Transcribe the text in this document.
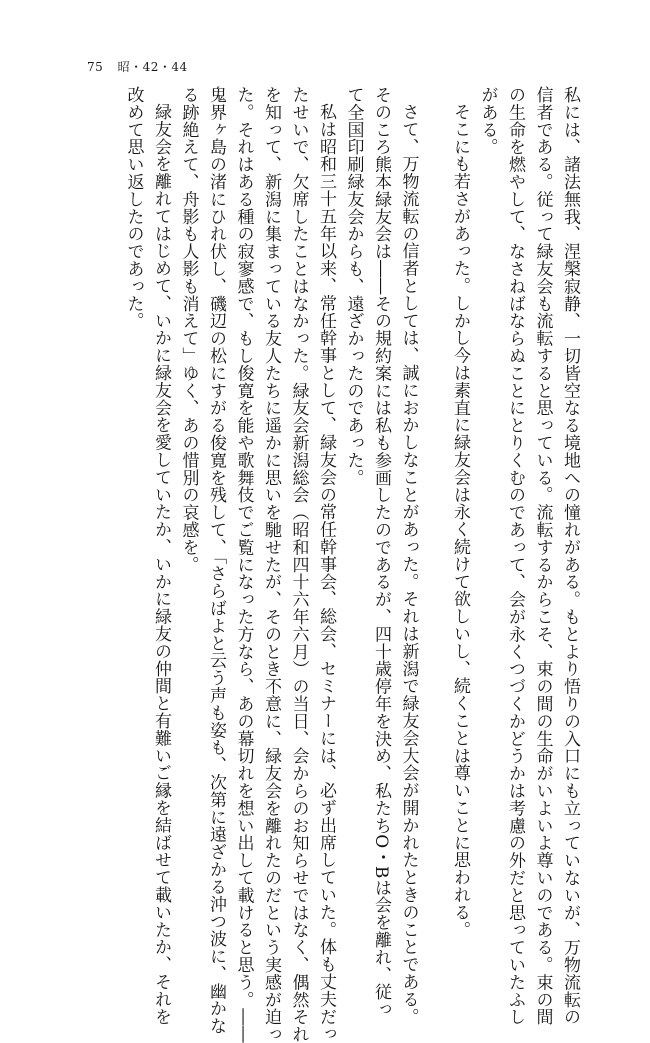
75 昭・42・44
私には、諸法無我、涅槃寂静、一切皆空なる境地への憧れがある。もとより悟りの入口にも立っていないが、万物流転の
信者である。従って緑友会も流転すると思っている。流転するからこそ、束の間の生命がいよいよ尊いのである。束の間
の生命を燃やして、なさねばならぬことにとりくむのであって、会が永くつづくかどうかは考慮の外だと思っていたふし
がある。
そこにも若さがあった。しかし今は素直に緑友会は永く続けて欲しいし、続くことは尊いことに思われる。
さて、万物流転の信者としては、誠におかしなことがあった。それは新潟で緑友会大会が開かれたときのことである。
そのころ熊本緑友会は――その規約案には私も参画したのであるが、四十歳停年を決め、私たちO・Bは会を離れ、従っ
て全国印刷緑友会からも、遠ざかったのであった。
私は昭和三十五年以来、常任幹事として、緑友会の常任幹事会、総会、セミナーには、必ず出席していた。体も丈夫だっ
たせいで、欠席したことはなかった。緑友会新潟総会（昭和四十六年六月）の当日、会からのお知らせではなく、偶然それ
を知って、新潟に集まっている友人たちに遥かに思いを馳せたが、そのとき不意に、緑友会を離れたのだという実感が迫っ
た。それはある種の寂寥感で、もし俊寛を能や歌舞伎でご覧になった方なら、あの幕切れを想い出して載けると思う。――
鬼界ヶ島の渚にひれ伏し、磯辺の松にすがる俊寛を残して、「さらばよと云う声も姿も、次第に遠ざかる沖つ波に、幽かな
る跡絶えて、舟影も人影も消えて」ゆく、あの惜別の哀感を。
緑友会を離れてはじめて、いかに緑友会を愛していたか、いかに緑友の仲間と有難いご縁を結ばせて載いたか、それを
改めて思い返したのであった。
